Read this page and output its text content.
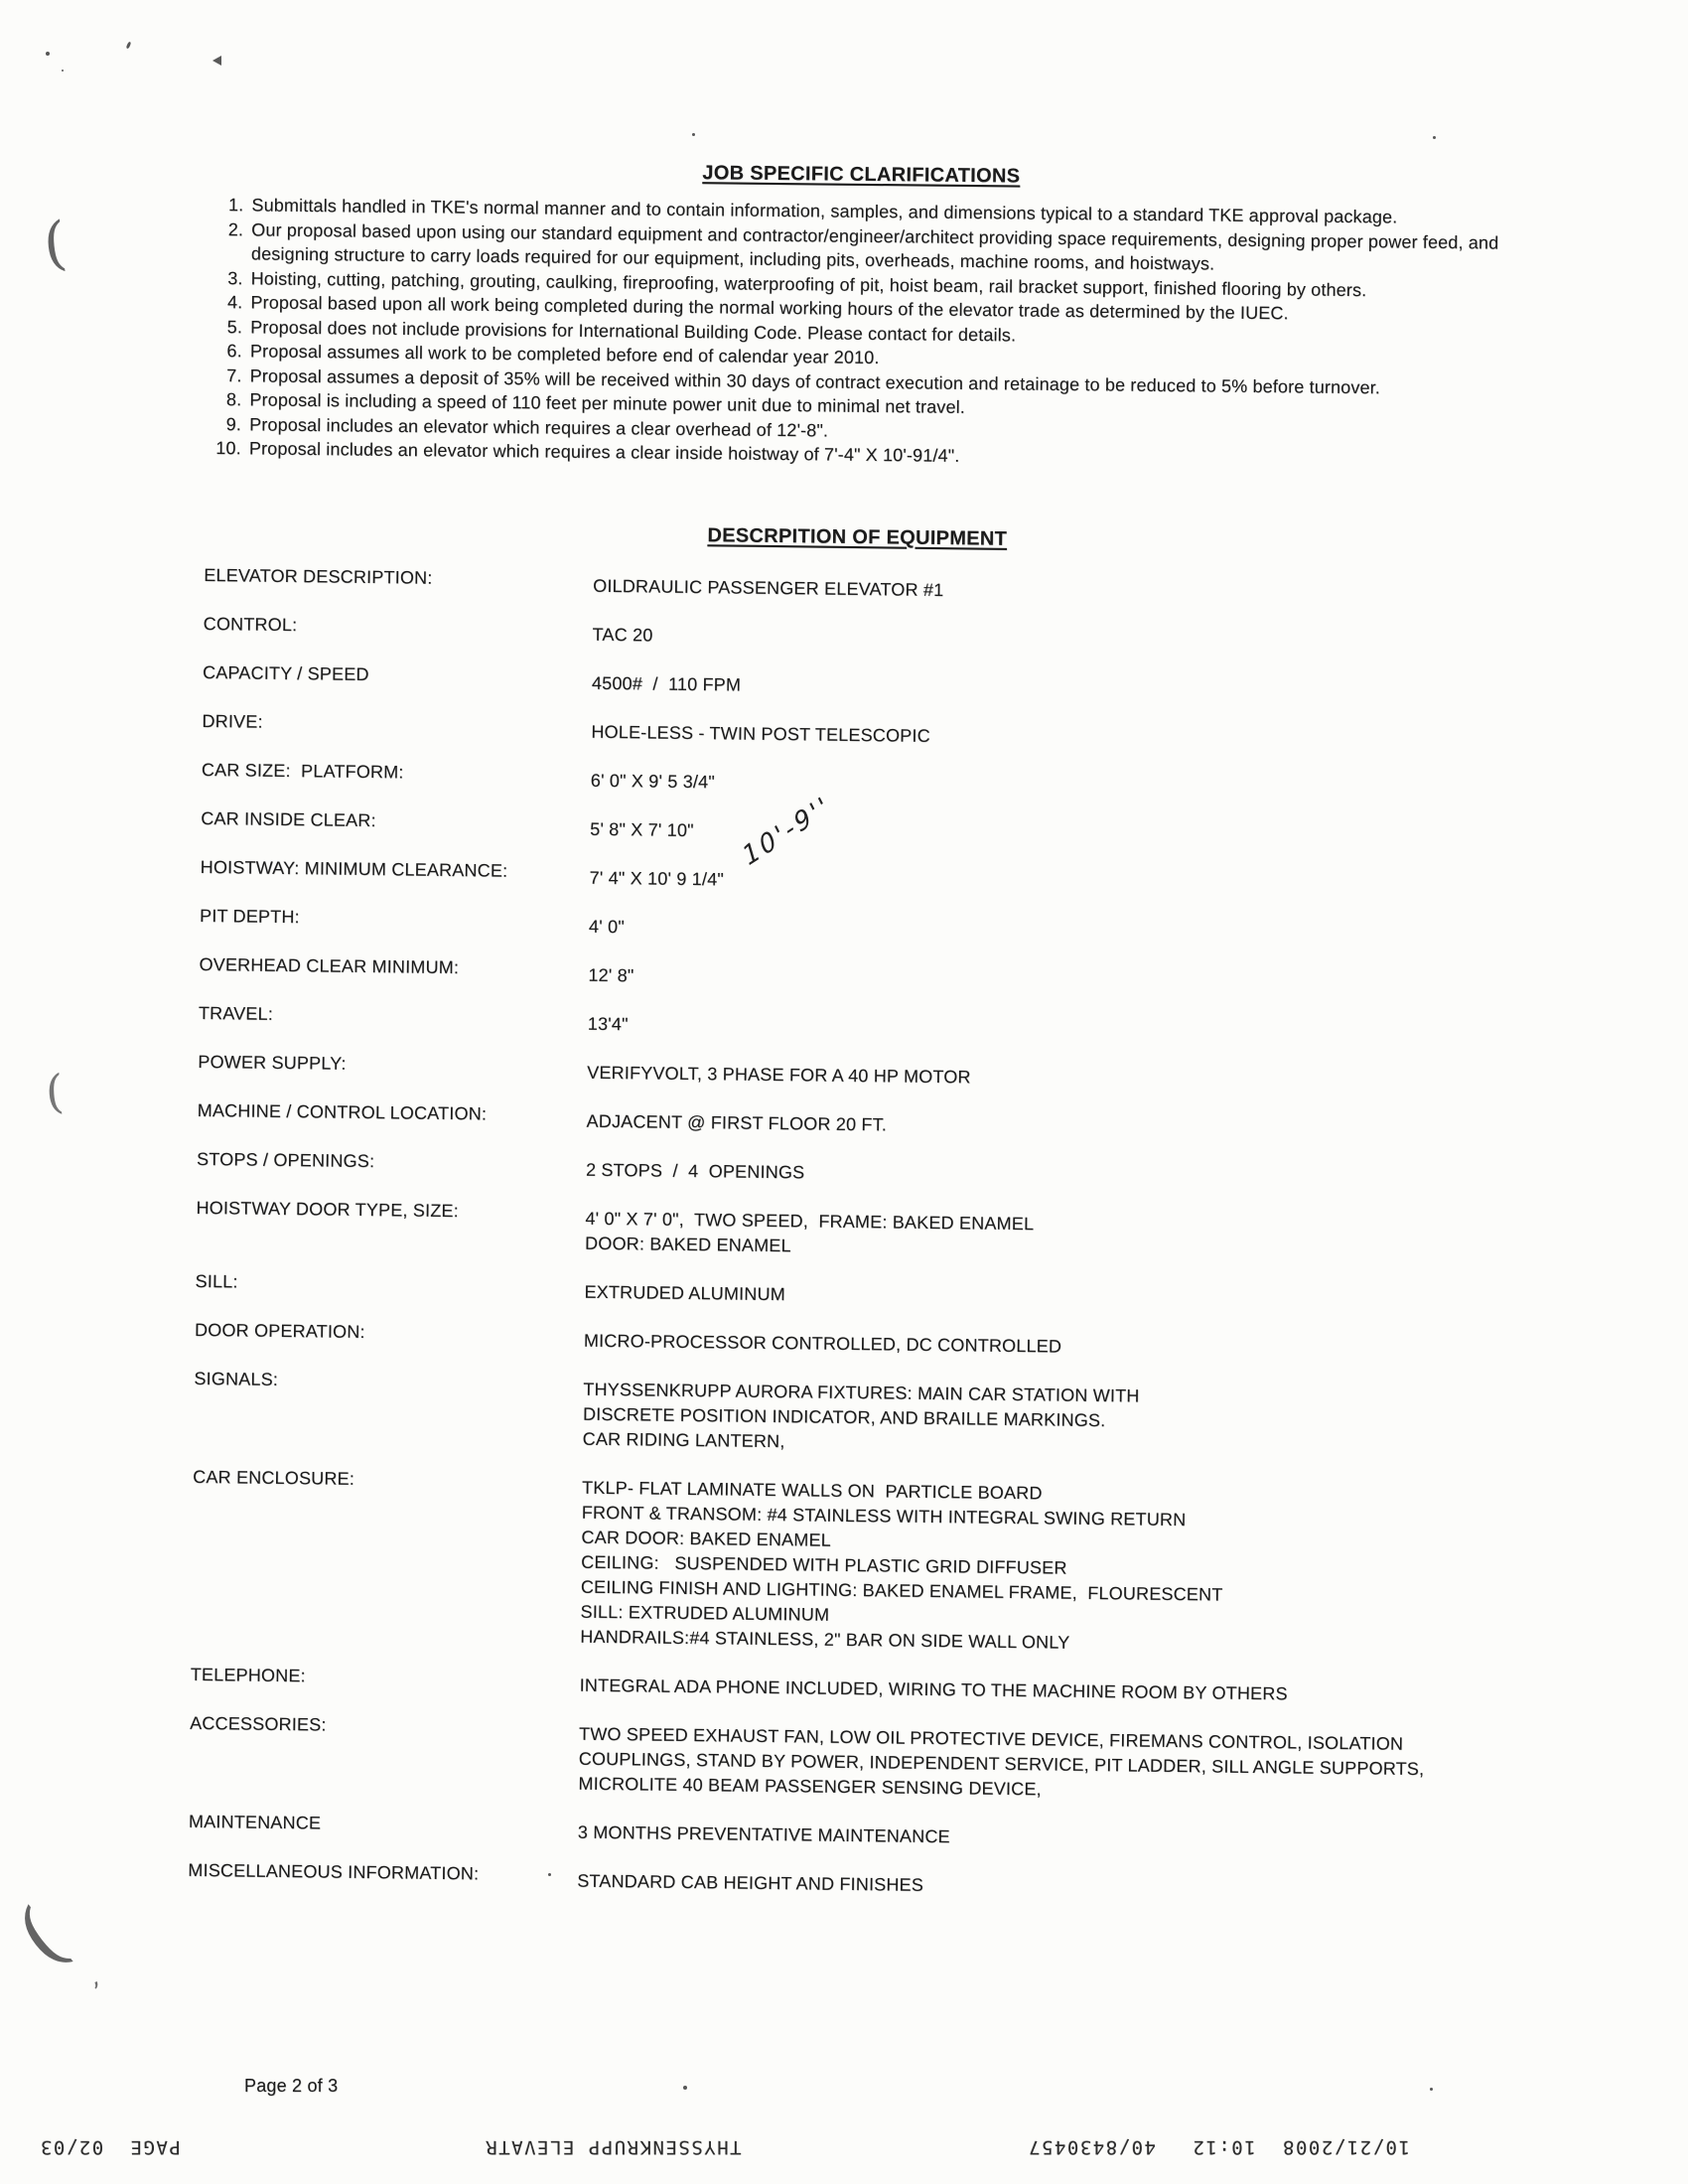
(
(
( ,
JOB SPECIFIC CLARIFICATIONS
1. Submittals handled in TKE's normal manner and to contain information, samples, and dimensions typical to a standard TKE approval package.
2. Our proposal based upon using our standard equipment and contractor/engineer/architect providing space requirements, designing proper power feed, and designing structure to carry loads required for our equipment, including pits, overheads, machine rooms, and hoistways.
3. Hoisting, cutting, patching, grouting, caulking, fireproofing, waterproofing of pit, hoist beam, rail bracket support, finished flooring by others.
4. Proposal based upon all work being completed during the normal working hours of the elevator trade as determined by the IUEC.
5. Proposal does not include provisions for International Building Code. Please contact for details.
6. Proposal assumes all work to be completed before end of calendar year 2010.
7. Proposal assumes a deposit of 35% will be received within 30 days of contract execution and retainage to be reduced to 5% before turnover.
8. Proposal is including a speed of 110 feet per minute power unit due to minimal net travel.
9. Proposal includes an elevator which requires a clear overhead of 12'-8".
10. Proposal includes an elevator which requires a clear inside hoistway of 7'-4" X 10'-91/4".
DESCRPITION OF EQUIPMENT
ELEVATOR DESCRIPTION:	OILDRAULIC PASSENGER ELEVATOR #1
CONTROL:
TAC 20
CAPACITY / SPEED	4500#  /  110 FPM
DRIVE:
HOLE-LESS - TWIN POST TELESCOPIC
CAR SIZE:  PLATFORM:	6' 0" X 9' 5 3/4"
CAR INSIDE CLEAR:	5' 8" X 7' 10"
HOISTWAY: MINIMUM CLEARANCE:	7' 4" X 10' 9 1/4"
PIT DEPTH:	4' 0"
OVERHEAD CLEAR MINIMUM:	12' 8"
TRAVEL:
13'4"
POWER SUPPLY:	VERIFYVOLT, 3 PHASE FOR A 40 HP MOTOR
MACHINE / CONTROL LOCATION:	ADJACENT @ FIRST FLOOR 20 FT.
STOPS / OPENINGS:	2 STOPS  /  4  OPENINGS
HOISTWAY DOOR TYPE, SIZE:	4' 0" X 7' 0",  TWO SPEED,  FRAME: BAKED ENAMEL
DOOR: BAKED ENAMEL
SILL:
EXTRUDED ALUMINUM
DOOR OPERATION:	MICRO-PROCESSOR CONTROLLED, DC CONTROLLED
SIGNALS:
THYSSENKRUPP AURORA FIXTURES: MAIN CAR STATION WITH
DISCRETE POSITION INDICATOR, AND BRAILLE MARKINGS.
CAR RIDING LANTERN,
CAR ENCLOSURE:	TKLP- FLAT LAMINATE WALLS ON  PARTICLE BOARD
FRONT & TRANSOM: #4 STAINLESS WITH INTEGRAL SWING RETURN
CAR DOOR: BAKED ENAMEL
CEILING:   SUSPENDED WITH PLASTIC GRID DIFFUSER
CEILING FINISH AND LIGHTING: BAKED ENAMEL FRAME,  FLOURESCENT
SILL: EXTRUDED ALUMINUM
HANDRAILS:#4 STAINLESS, 2" BAR ON SIDE WALL ONLY
TELEPHONE:
INTEGRAL ADA PHONE INCLUDED, WIRING TO THE MACHINE ROOM BY OTHERS
ACCESSORIES:	TWO SPEED EXHAUST FAN, LOW OIL PROTECTIVE DEVICE, FIREMANS CONTROL, ISOLATION
COUPLINGS, STAND BY POWER, INDEPENDENT SERVICE, PIT LADDER, SILL ANGLE SUPPORTS,
MICROLITE 40 BEAM PASSENGER SENSING DEVICE,
MAINTENANCE	3 MONTHS PREVENTATIVE MAINTENANCE
MISCELLANEOUS INFORMATION:	STANDARD CAB HEIGHT AND FINISHES
10'-9''
Page 2 of 3
10/21/2008  10:12
40/8430457
THYSSENKRUPP ELEVATR
PAGE  02/03
